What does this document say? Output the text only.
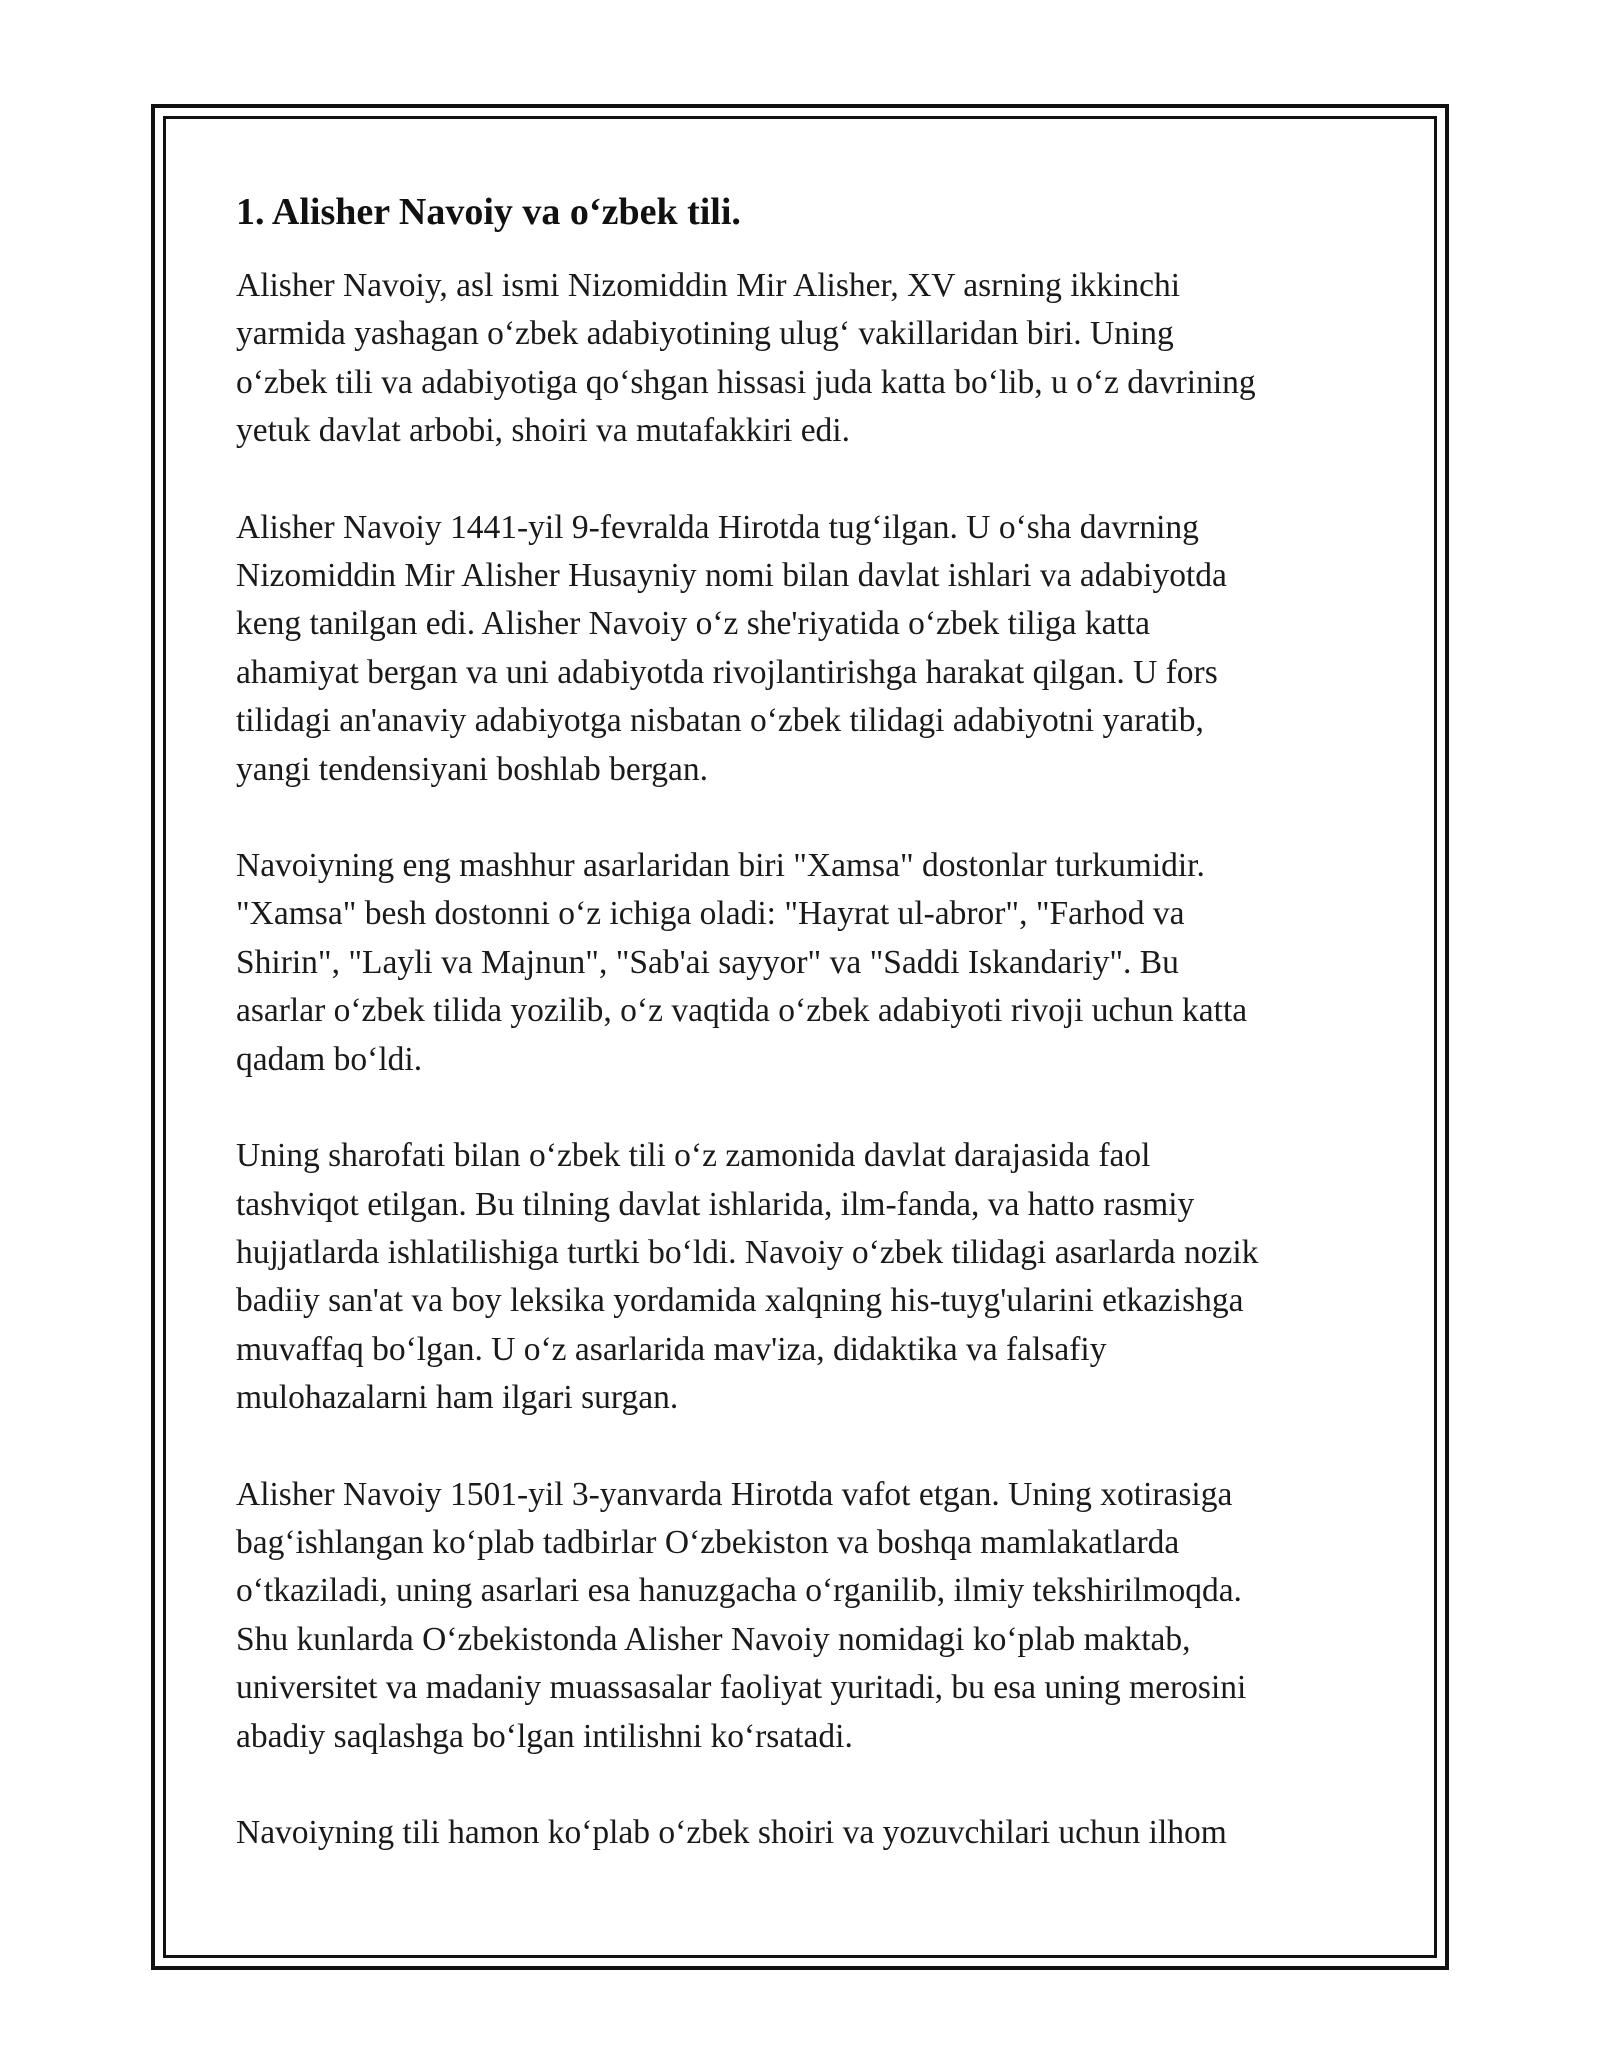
1. Alisher Navoiy va o‘zbek tili.

Alisher Navoiy, asl ismi Nizomiddin Mir Alisher, XV asrning ikkinchi
yarmida yashagan o‘zbek adabiyotining ulug‘ vakillaridan biri. Uning
o‘zbek tili va adabiyotiga qo‘shgan hissasi juda katta bo‘lib, u o‘z davrining
yetuk davlat arbobi, shoiri va mutafakkiri edi.

Alisher Navoiy 1441-yil 9-fevralda Hirotda tug‘ilgan. U o‘sha davrning
Nizomiddin Mir Alisher Husayniy nomi bilan davlat ishlari va adabiyotda
keng tanilgan edi. Alisher Navoiy o‘z she'riyatida o‘zbek tiliga katta
ahamiyat bergan va uni adabiyotda rivojlantirishga harakat qilgan. U fors
tilidagi an'anaviy adabiyotga nisbatan o‘zbek tilidagi adabiyotni yaratib,
yangi tendensiyani boshlab bergan.

Navoiyning eng mashhur asarlaridan biri "Xamsa" dostonlar turkumidir.
"Xamsa" besh dostonni o‘z ichiga oladi: "Hayrat ul-abror", "Farhod va
Shirin", "Layli va Majnun", "Sab'ai sayyor" va "Saddi Iskandariy". Bu
asarlar o‘zbek tilida yozilib, o‘z vaqtida o‘zbek adabiyoti rivoji uchun katta
qadam bo‘ldi.

Uning sharofati bilan o‘zbek tili o‘z zamonida davlat darajasida faol
tashviqot etilgan. Bu tilning davlat ishlarida, ilm-fanda, va hatto rasmiy
hujjatlarda ishlatilishiga turtki bo‘ldi. Navoiy o‘zbek tilidagi asarlarda nozik
badiiy san'at va boy leksika yordamida xalqning his-tuyg'ularini etkazishga
muvaffaq bo‘lgan. U o‘z asarlarida mav'iza, didaktika va falsafiy
mulohazalarni ham ilgari surgan.

Alisher Navoiy 1501-yil 3-yanvarda Hirotda vafot etgan. Uning xotirasiga
bag‘ishlangan ko‘plab tadbirlar O‘zbekiston va boshqa mamlakatlarda
o‘tkaziladi, uning asarlari esa hanuzgacha o‘rganilib, ilmiy tekshirilmoqda.
Shu kunlarda O‘zbekistonda Alisher Navoiy nomidagi ko‘plab maktab,
universitet va madaniy muassasalar faoliyat yuritadi, bu esa uning merosini
abadiy saqlashga bo‘lgan intilishni ko‘rsatadi.

Navoiyning tili hamon ko‘plab o‘zbek shoiri va yozuvchilari uchun ilhom
